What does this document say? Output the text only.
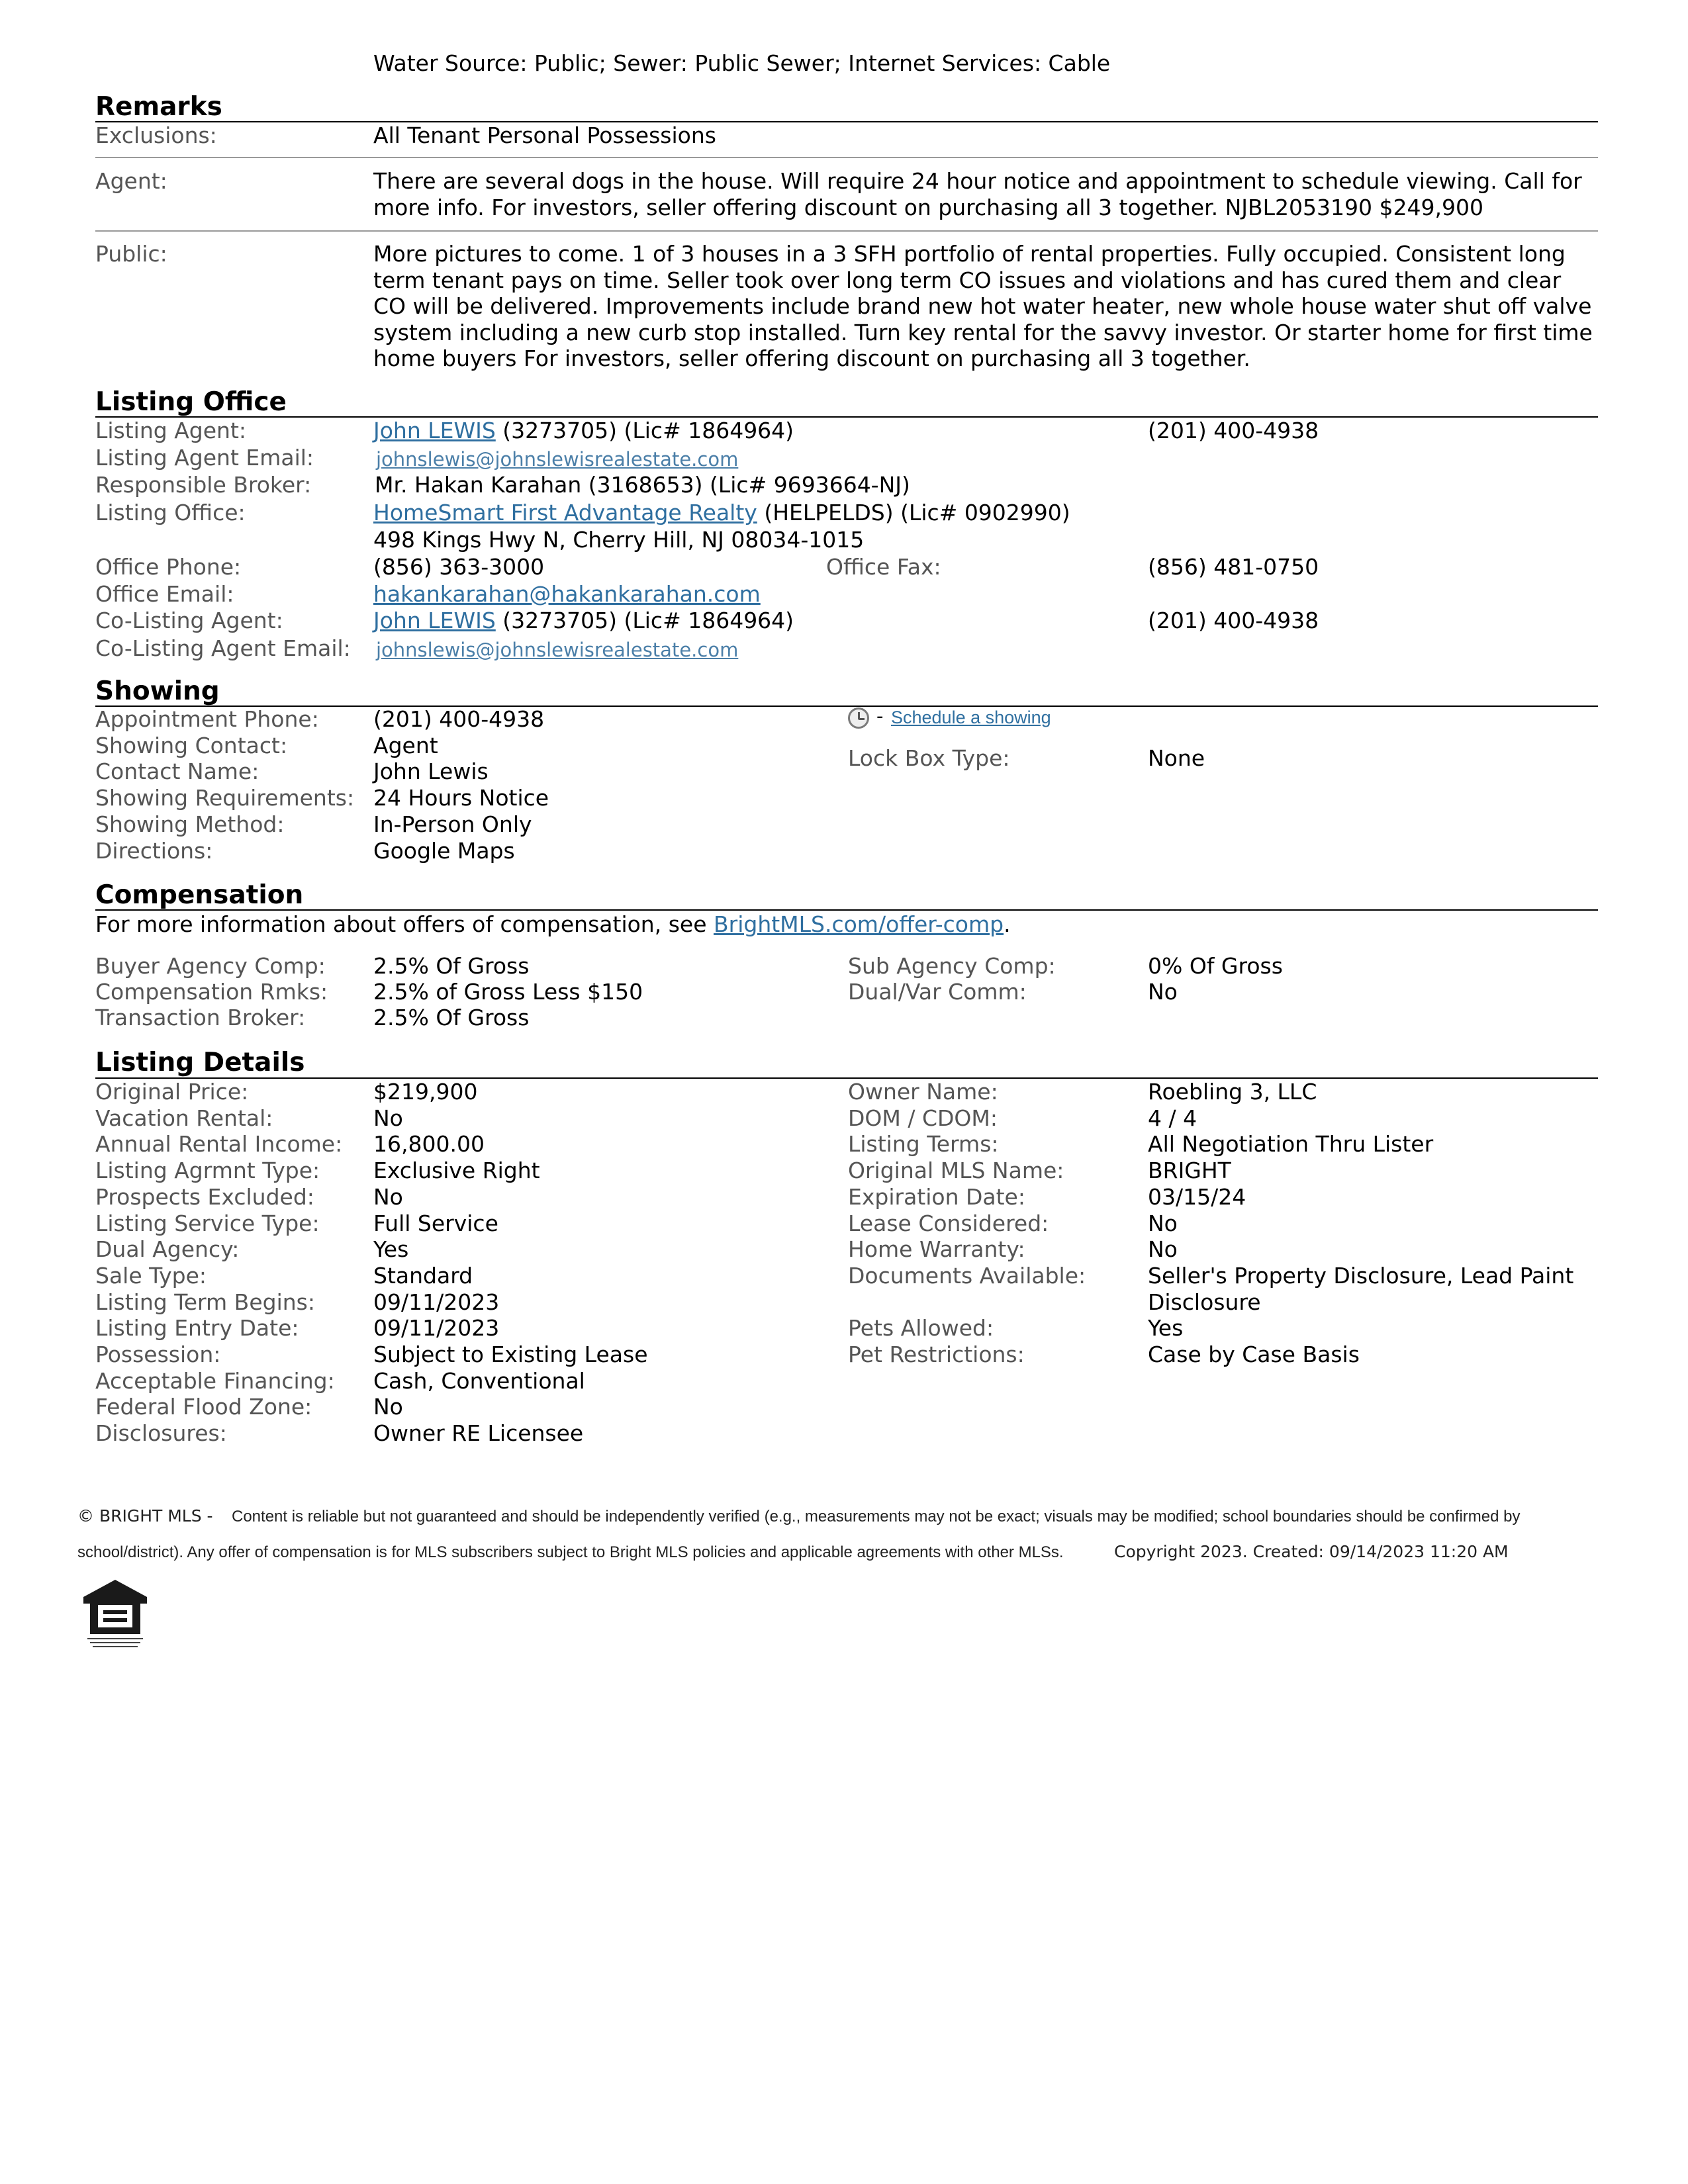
Water Source: Public; Sewer: Public Sewer; Internet Services: Cable
Remarks
Exclusions:	All Tenant Personal Possessions
Agent:	There are several dogs in the house. Will require 24 hour notice and appointment to schedule viewing. Call for more info. For investors, seller offering discount on purchasing all 3 together. NJBL2053190 $249,900
Public:	More pictures to come. 1 of 3 houses in a 3 SFH portfolio of rental properties. Fully occupied. Consistent long term tenant pays on time. Seller took over long term CO issues and violations and has cured them and clear CO will be delivered. Improvements include brand new hot water heater, new whole house water shut off valve system including a new curb stop installed. Turn key rental for the savvy investor. Or starter home for first time home buyers For investors, seller offering discount on purchasing all 3 together.
Listing Office
Listing Agent:	John LEWIS (3273705) (Lic# 1864964)	(201) 400-4938
Listing Agent Email:	johnslewis@johnslewisrealestate.com
Responsible Broker:	Mr. Hakan Karahan (3168653) (Lic# 9693664-NJ)
Listing Office:	HomeSmart First Advantage Realty (HELPELDS) (Lic# 0902990)
498 Kings Hwy N, Cherry Hill, NJ 08034-1015
Office Phone:	(856) 363-3000	Office Fax:	(856) 481-0750
Office Email:	hakankarahan@hakankarahan.com
Co-Listing Agent:	John LEWIS (3273705) (Lic# 1864964)	(201) 400-4938
Co-Listing Agent Email: johnslewis@johnslewisrealestate.com
Showing
Appointment Phone: (201) 400-4938	- Schedule a showing
Showing Contact:	Agent	Lock Box Type:	None
Contact Name:	John Lewis
Showing Requirements: 24 Hours Notice
Showing Method:	In-Person Only
Directions:	Google Maps
Compensation
For more information about offers of compensation, see BrightMLS.com/offer-comp.
Buyer Agency Comp: 2.5% Of Gross	Sub Agency Comp:	0% Of Gross
Compensation Rmks: 2.5% of Gross Less $150	Dual/Var Comm:	No
Transaction Broker:	2.5% Of Gross
Listing Details
Original Price:	$219,900
Vacation Rental:	No
Annual Rental Income: 16,800.00
Listing Agrmnt Type: Exclusive Right
Prospects Excluded:	No
Listing Service Type: Full Service
Dual Agency:	Yes
Sale Type:	Standard
Listing Term Begins:	09/11/2023
Listing Entry Date:	09/11/2023
Possession:	Subject to Existing Lease
Acceptable Financing: Cash, Conventional
Federal Flood Zone:	No
Disclosures:	Owner RE Licensee
Owner Name:	Roebling 3, LLC
DOM / CDOM:	4 / 4
Listing Terms:	All Negotiation Thru Lister
Original MLS Name:	BRIGHT
Expiration Date:	03/15/24
Lease Considered:	No
Home Warranty:	No
Documents Available:	Seller's Property Disclosure, Lead Paint
Disclosure
Pets Allowed:	Yes
Pet Restrictions:	Case by Case Basis
© BRIGHT MLS - Content is reliable but not guaranteed and should be independently verified (e.g., measurements may not be exact; visuals may be modified; school boundaries should be confirmed by
school/district). Any offer of compensation is for MLS subscribers subject to Bright MLS policies and applicable agreements with other MLSs.	Copyright 2023. Created: 09/14/2023 11:20 AM
